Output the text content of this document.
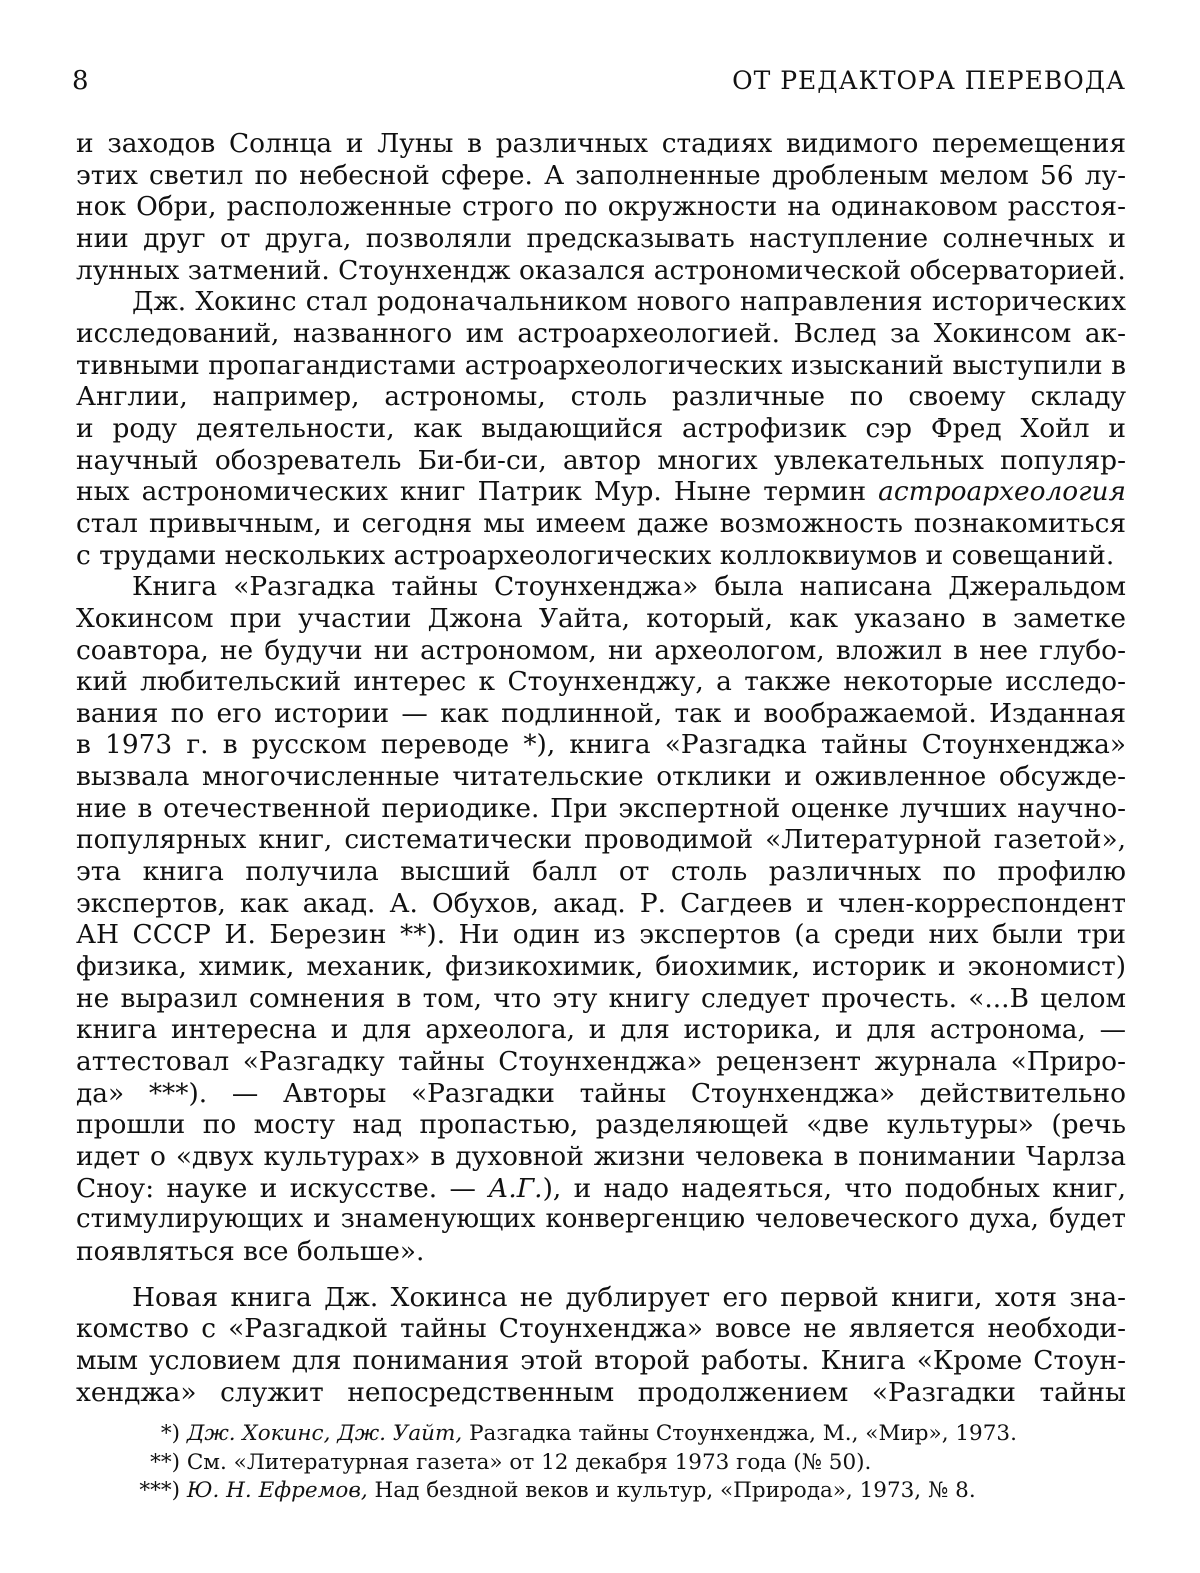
8	ОТ РЕДАКТОРА ПЕРЕВОДА
и заходов Солнца и Луны в различных стадиях видимого перемещения
этих светил по небесной сфере. А заполненные дробленым мелом 56 лу-
нок Обри, расположенные строго по окружности на одинаковом расстоя-
нии друг от друга, позволяли предсказывать наступление солнечных и
лунных затмений. Стоунхендж оказался астрономической обсерваторией.
Дж. Хокинс стал родоначальником нового направления исторических
исследований, названного им астроархеологией. Вслед за Хокинсом ак-
тивными пропагандистами астроархеологических изысканий выступили в
Англии, например, астрономы, столь различные по своему складу
и роду деятельности, как выдающийся астрофизик сэр Фред Хойл и
научный обозреватель Би-би-си, автор многих увлекательных популяр-
ных астрономических книг Патрик Мур. Ныне термин астроархеология
стал привычным, и сегодня мы имеем даже возможность познакомиться
с трудами нескольких астроархеологических коллоквиумов и совещаний.
Книга «Разгадка тайны Стоунхенджа» была написана Джеральдом
Хокинсом при участии Джона Уайта, который, как указано в заметке
соавтора, не будучи ни астрономом, ни археологом, вложил в нее глубо-
кий любительский интерес к Стоунхенджу, а также некоторые исследо-
вания по его истории — как подлинной, так и воображаемой. Изданная
в 1973 г. в русском переводе *), книга «Разгадка тайны Стоунхенджа»
вызвала многочисленные читательские отклики и оживленное обсужде-
ние в отечественной периодике. При экспертной оценке лучших научно-
популярных книг, систематически проводимой «Литературной газетой»,
эта книга получила высший балл от столь различных по профилю
экспертов, как акад. А. Обухов, акад. Р. Сагдеев и член-корреспондент
АН СССР И. Березин **). Ни один из экспертов (а среди них были три
физика, химик, механик, физикохимик, биохимик, историк и экономист)
не выразил сомнения в том, что эту книгу следует прочесть. «...В целом
книга интересна и для археолога, и для историка, и для астронома, —
аттестовал «Разгадку тайны Стоунхенджа» рецензент журнала «Приро-
да» ***). — Авторы «Разгадки тайны Стоунхенджа» действительно
прошли по мосту над пропастью, разделяющей «две культуры» (речь
идет о «двух культурах» в духовной жизни человека в понимании Чарлза
Сноу: науке и искусстве. — А.Г.), и надо надеяться, что подобных книг,
стимулирующих и знаменующих конвергенцию человеческого духа, будет
появляться все больше».
Новая книга Дж. Хокинса не дублирует его первой книги, хотя зна-
комство с «Разгадкой тайны Стоунхенджа» вовсе не является необходи-
мым условием для понимания этой второй работы. Книга «Кроме Стоун-
хенджа» служит непосредственным продолжением «Разгадки тайны
*) Дж. Хокинс, Дж. Уайт, Разгадка тайны Стоунхенджа, М., «Мир», 1973.
**) См. «Литературная газета» от 12 декабря 1973 года (№ 50).
***) Ю. Н. Ефремов, Над бездной веков и культур, «Природа», 1973, № 8.
